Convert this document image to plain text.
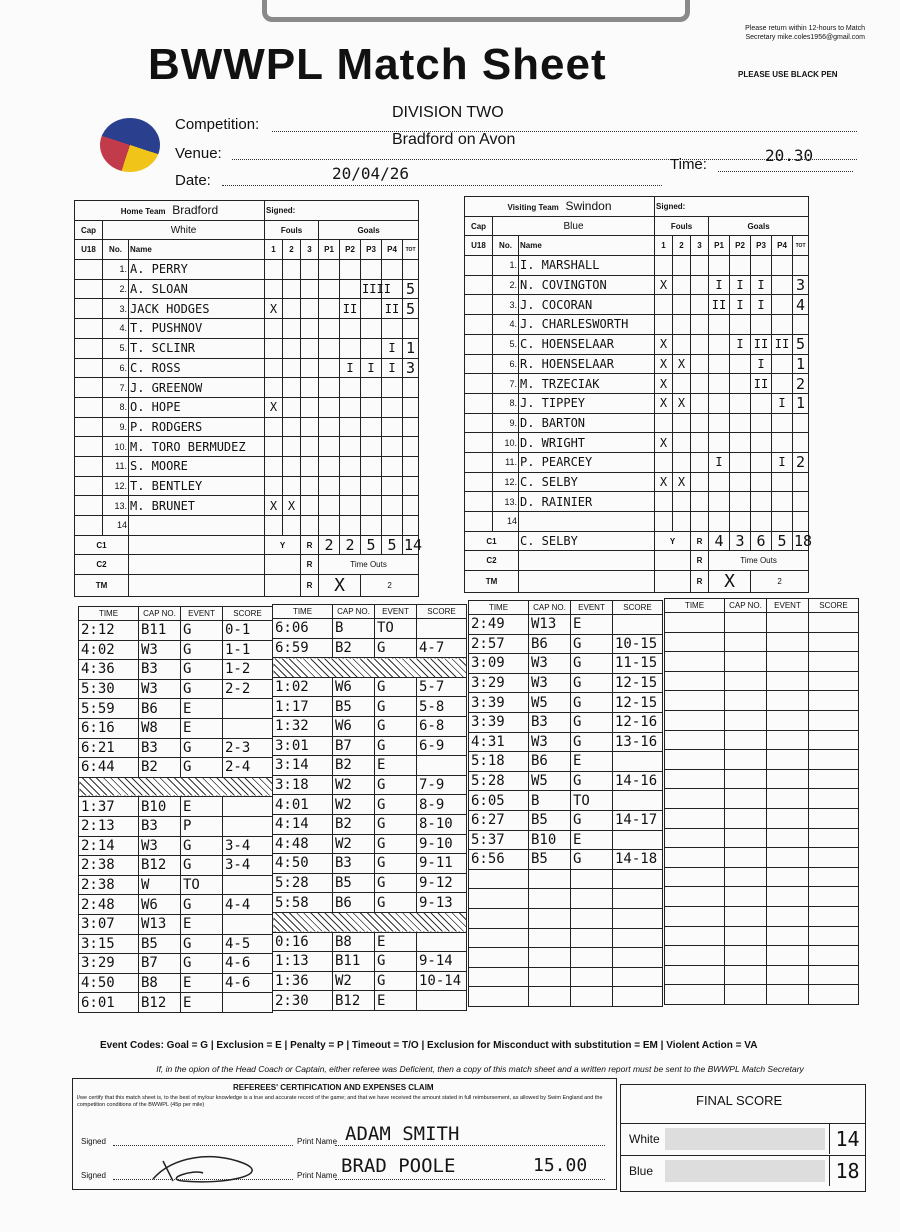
BWWPL Match Sheet
Please return within 12-hours to Match Secretary mike.coles1956@gmail.com
PLEASE USE BLACK PEN
Competition:
DIVISION TWO
Venue:
Bradford on Avon
Date:	20/04/26	Time:	20.30
Home Team Bradford			Signed:							
Cap	White		Fouls			Goals				
U18	No.	Name	1	2	3	P1	P2	P3	P4	TOT
	1.	A. PERRY								
	2.	A. SLOAN						IIII		5
	3.	JACK HODGES	X				II		II	5
	4.	T. PUSHNOV								
	5.	T. SCLINR							I	1
	6.	C. ROSS					I	I	I	3
	7.	J. GREENOW								
	8.	O. HOPE	X							
	9.	P. RODGERS								
	10.	M. TORO BERMUDEZ								
	11.	S. MOORE								
	12.	T. BENTLEY								
	13.	M. BRUNET	X	X						
	14									
C1			Y		R	2	2	5	5	14
C2					R	Time Outs				
TM					R	X		2		
Visiting Team Swindon			Signed:							
Cap	Blue		Fouls			Goals				
U18	No.	Name	1	2	3	P1	P2	P3	P4	TOT
	1.	I. MARSHALL								
	2.	N. COVINGTON	X			I	I	I		3
	3.	J. COCORAN				II	I	I		4
	4.	J. CHARLESWORTH								
	5.	C. HOENSELAAR	X				I	II	II	5
	6.	R. HOENSELAAR	X	X				I		1
	7.	M. TRZECIAK	X					II		2
	8.	J. TIPPEY	X	X					I	1
	9.	D. BARTON								
	10.	D. WRIGHT	X							
	11.	P. PEARCEY				I			I	2
	12.	C. SELBY	X	X						
	13.	D. RAINIER								
	14									
C1		C. SELBY	Y		R	4	3	6	5	18
C2					R	Time Outs				
TM					R	X		2		
TIME	CAP NO.	EVENT	SCORE
2:12	B11	G	0-1
4:02	W3	G	1-1
4:36	B3	G	1-2
5:30	W3	G	2-2
5:59	B6	E	
6:16	W8	E	
6:21	B3	G	2-3
6:44	B2	G	2-4

1:37	B10	E	
2:13	B3	P	
2:14	W3	G	3-4
2:38	B12	G	3-4
2:38	W	TO	
2:48	W6	G	4-4
3:07	W13	E	
3:15	B5	G	4-5
3:29	B7	G	4-6
4:50	B8	E	4-6
6:01	B12	E	
TIME	CAP NO.	EVENT	SCORE
6:06	B	TO	
6:59	B2	G	4-7

1:02	W6	G	5-7
1:17	B5	G	5-8
1:32	W6	G	6-8
3:01	B7	G	6-9
3:14	B2	E	
3:18	W2	G	7-9
4:01	W2	G	8-9
4:14	B2	G	8-10
4:48	W2	G	9-10
4:50	B3	G	9-11
5:28	B5	G	9-12
5:58	B6	G	9-13

0:16	B8	E	
1:13	B11	G	9-14
1:36	W2	G	10-14
2:30	B12	E	
TIME	CAP NO.	EVENT	SCORE
2:49	W13	E	
2:57	B6	G	10-15
3:09	W3	G	11-15
3:29	W3	G	12-15
3:39	W5	G	12-15
3:39	B3	G	12-16
4:31	W3	G	13-16
5:18	B6	E	
5:28	W5	G	14-16
6:05	B	TO	
6:27	B5	G	14-17
5:37	B10	E	
6:56	B5	G	14-18

TIME	CAP NO.	EVENT	SCORE

Event Codes: Goal = G | Exclusion = E | Penalty = P | Timeout = T/O | Exclusion for Misconduct with substitution = EM | Violent Action = VA
If, in the opion of the Head Coach or Captain, either referee was Deficient, then a copy of this match sheet and a written report must be sent to the BWWPL Match Secretary
REFEREES' CERTIFICATION AND EXPENSES CLAIM
I/we certify that this match sheet is, to the best of my/our knowledge is a true and accurate record of the game; and that we have received the amount stated in full reimbursement, as allowed by Swim England and the competition conditions of the BWWPL (45p per mile)
Signed	Print Name ADAM SMITH
Signed	Print Name BRAD POOLE	15.00
FINAL SCORE
White	14
Blue	18
